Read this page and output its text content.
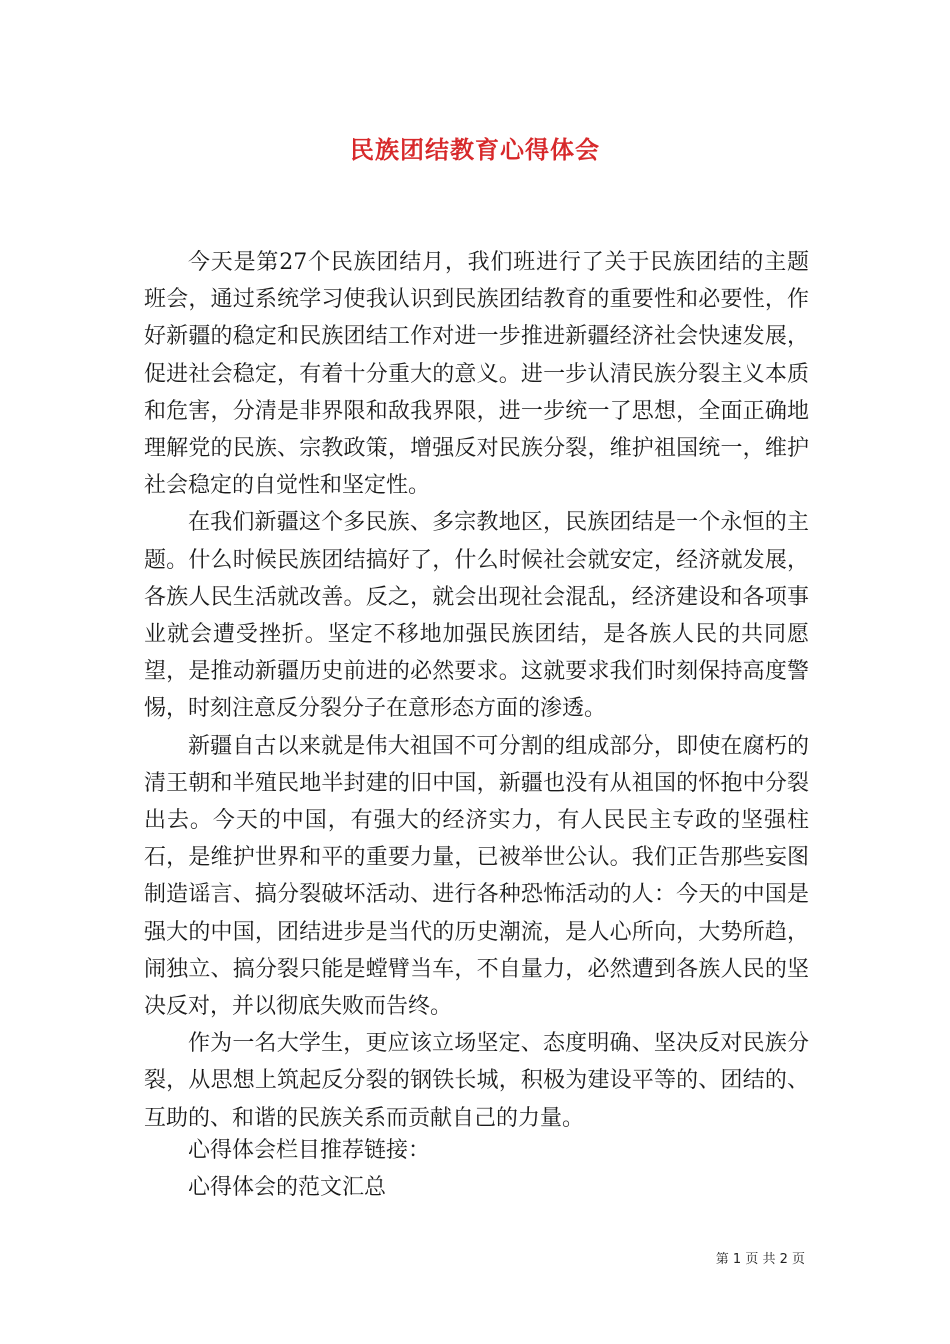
民族团结教育心得体会

今天是第27个民族团结月，我们班进行了关于民族团结的主题班会，通过系统学习使我认识到民族团结教育的重要性和必要性，作好新疆的稳定和民族团结工作对进一步推进新疆经济社会快速发展，促进社会稳定，有着十分重大的意义。进一步认清民族分裂主义本质和危害，分清是非界限和敌我界限，进一步统一了思想，全面正确地理解党的民族、宗教政策，增强反对民族分裂，维护祖国统一，维护社会稳定的自觉性和坚定性。

在我们新疆这个多民族、多宗教地区，民族团结是一个永恒的主题。什么时候民族团结搞好了，什么时候社会就安定，经济就发展，各族人民生活就改善。反之，就会出现社会混乱，经济建设和各项事业就会遭受挫折。坚定不移地加强民族团结，是各族人民的共同愿望，是推动新疆历史前进的必然要求。这就要求我们时刻保持高度警惕，时刻注意反分裂分子在意形态方面的渗透。

新疆自古以来就是伟大祖国不可分割的组成部分，即使在腐朽的清王朝和半殖民地半封建的旧中国，新疆也没有从祖国的怀抱中分裂出去。今天的中国，有强大的经济实力，有人民民主专政的坚强柱石，是维护世界和平的重要力量，已被举世公认。我们正告那些妄图制造谣言、搞分裂破坏活动、进行各种恐怖活动的人：今天的中国是强大的中国，团结进步是当代的历史潮流，是人心所向，大势所趋，闹独立、搞分裂只能是螳臂当车，不自量力，必然遭到各族人民的坚决反对，并以彻底失败而告终。

作为一名大学生，更应该立场坚定、态度明确、坚决反对民族分裂，从思想上筑起反分裂的钢铁长城，积极为建设平等的、团结的、互助的、和谐的民族关系而贡献自己的力量。

心得体会栏目推荐链接：
心得体会的范文汇总
第 1 页 共 2 页
